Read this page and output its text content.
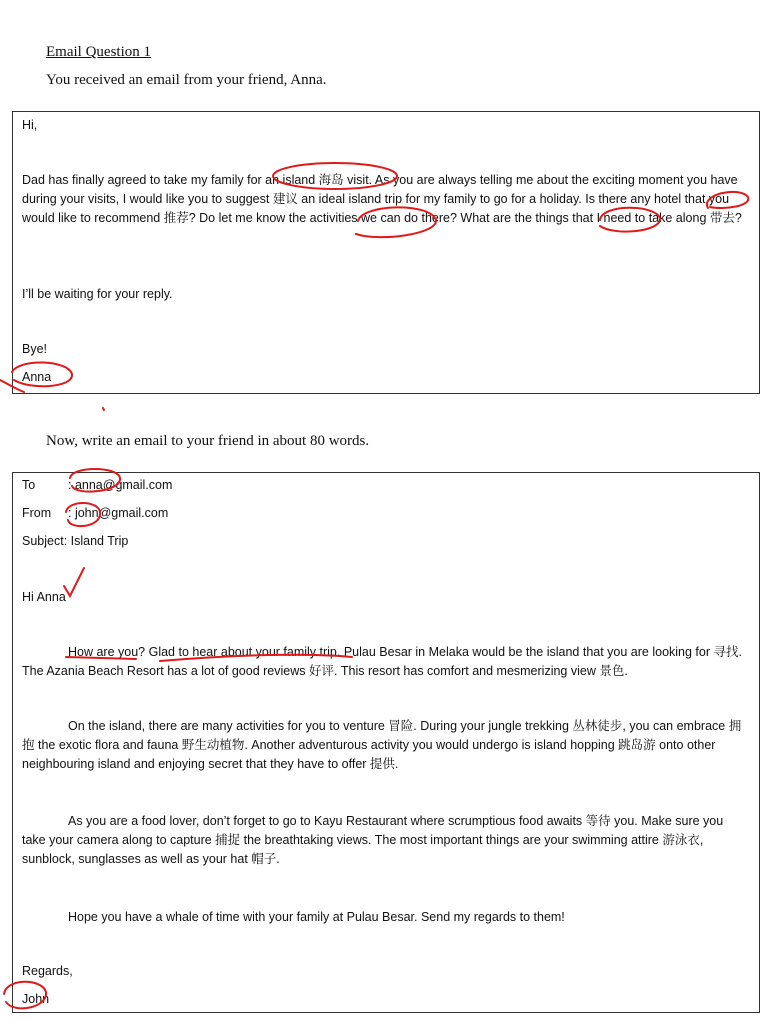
Email Question 1
You received an email from your friend, Anna.
Hi,
Dad has finally agreed to take my family for an island 海岛 visit. As you are always telling me about the exciting moment you have during your visits, I would like you to suggest 建议 an ideal island trip for my family to go for a holiday. Is there any hotel that you would like to recommend 推荐? Do let me know the activities we can do there? What are the things that I need to take along 带去?
I’ll be waiting for your reply.
Bye!
Anna
Now, write an email to your friend in about 80 words.
To	: anna@gmail.com
From : john@gmail.com
Subject: Island Trip
Hi Anna
How are you? Glad to hear about your family trip. Pulau Besar in Melaka would be the island that you are looking for 寻找. The Azania Beach Resort has a lot of good reviews 好评. This resort has comfort and mesmerizing view 景色.
On the island, there are many activities for you to venture 冒险. During your jungle trekking 丛林徒步, you can embrace 拥抱 the exotic flora and fauna 野生动植物. Another adventurous activity you would undergo is island hopping 跳岛游 onto other neighbouring island and enjoying secret that they have to offer 提供.
As you are a food lover, don’t forget to go to Kayu Restaurant where scrumptious food awaits 等待 you. Make sure you take your camera along to capture 捕捉 the breathtaking views. The most important things are your swimming attire 游泳衣, sunblock, sunglasses as well as your hat 帽子.
Hope you have a whale of time with your family at Pulau Besar. Send my regards to them!
Regards,
John
